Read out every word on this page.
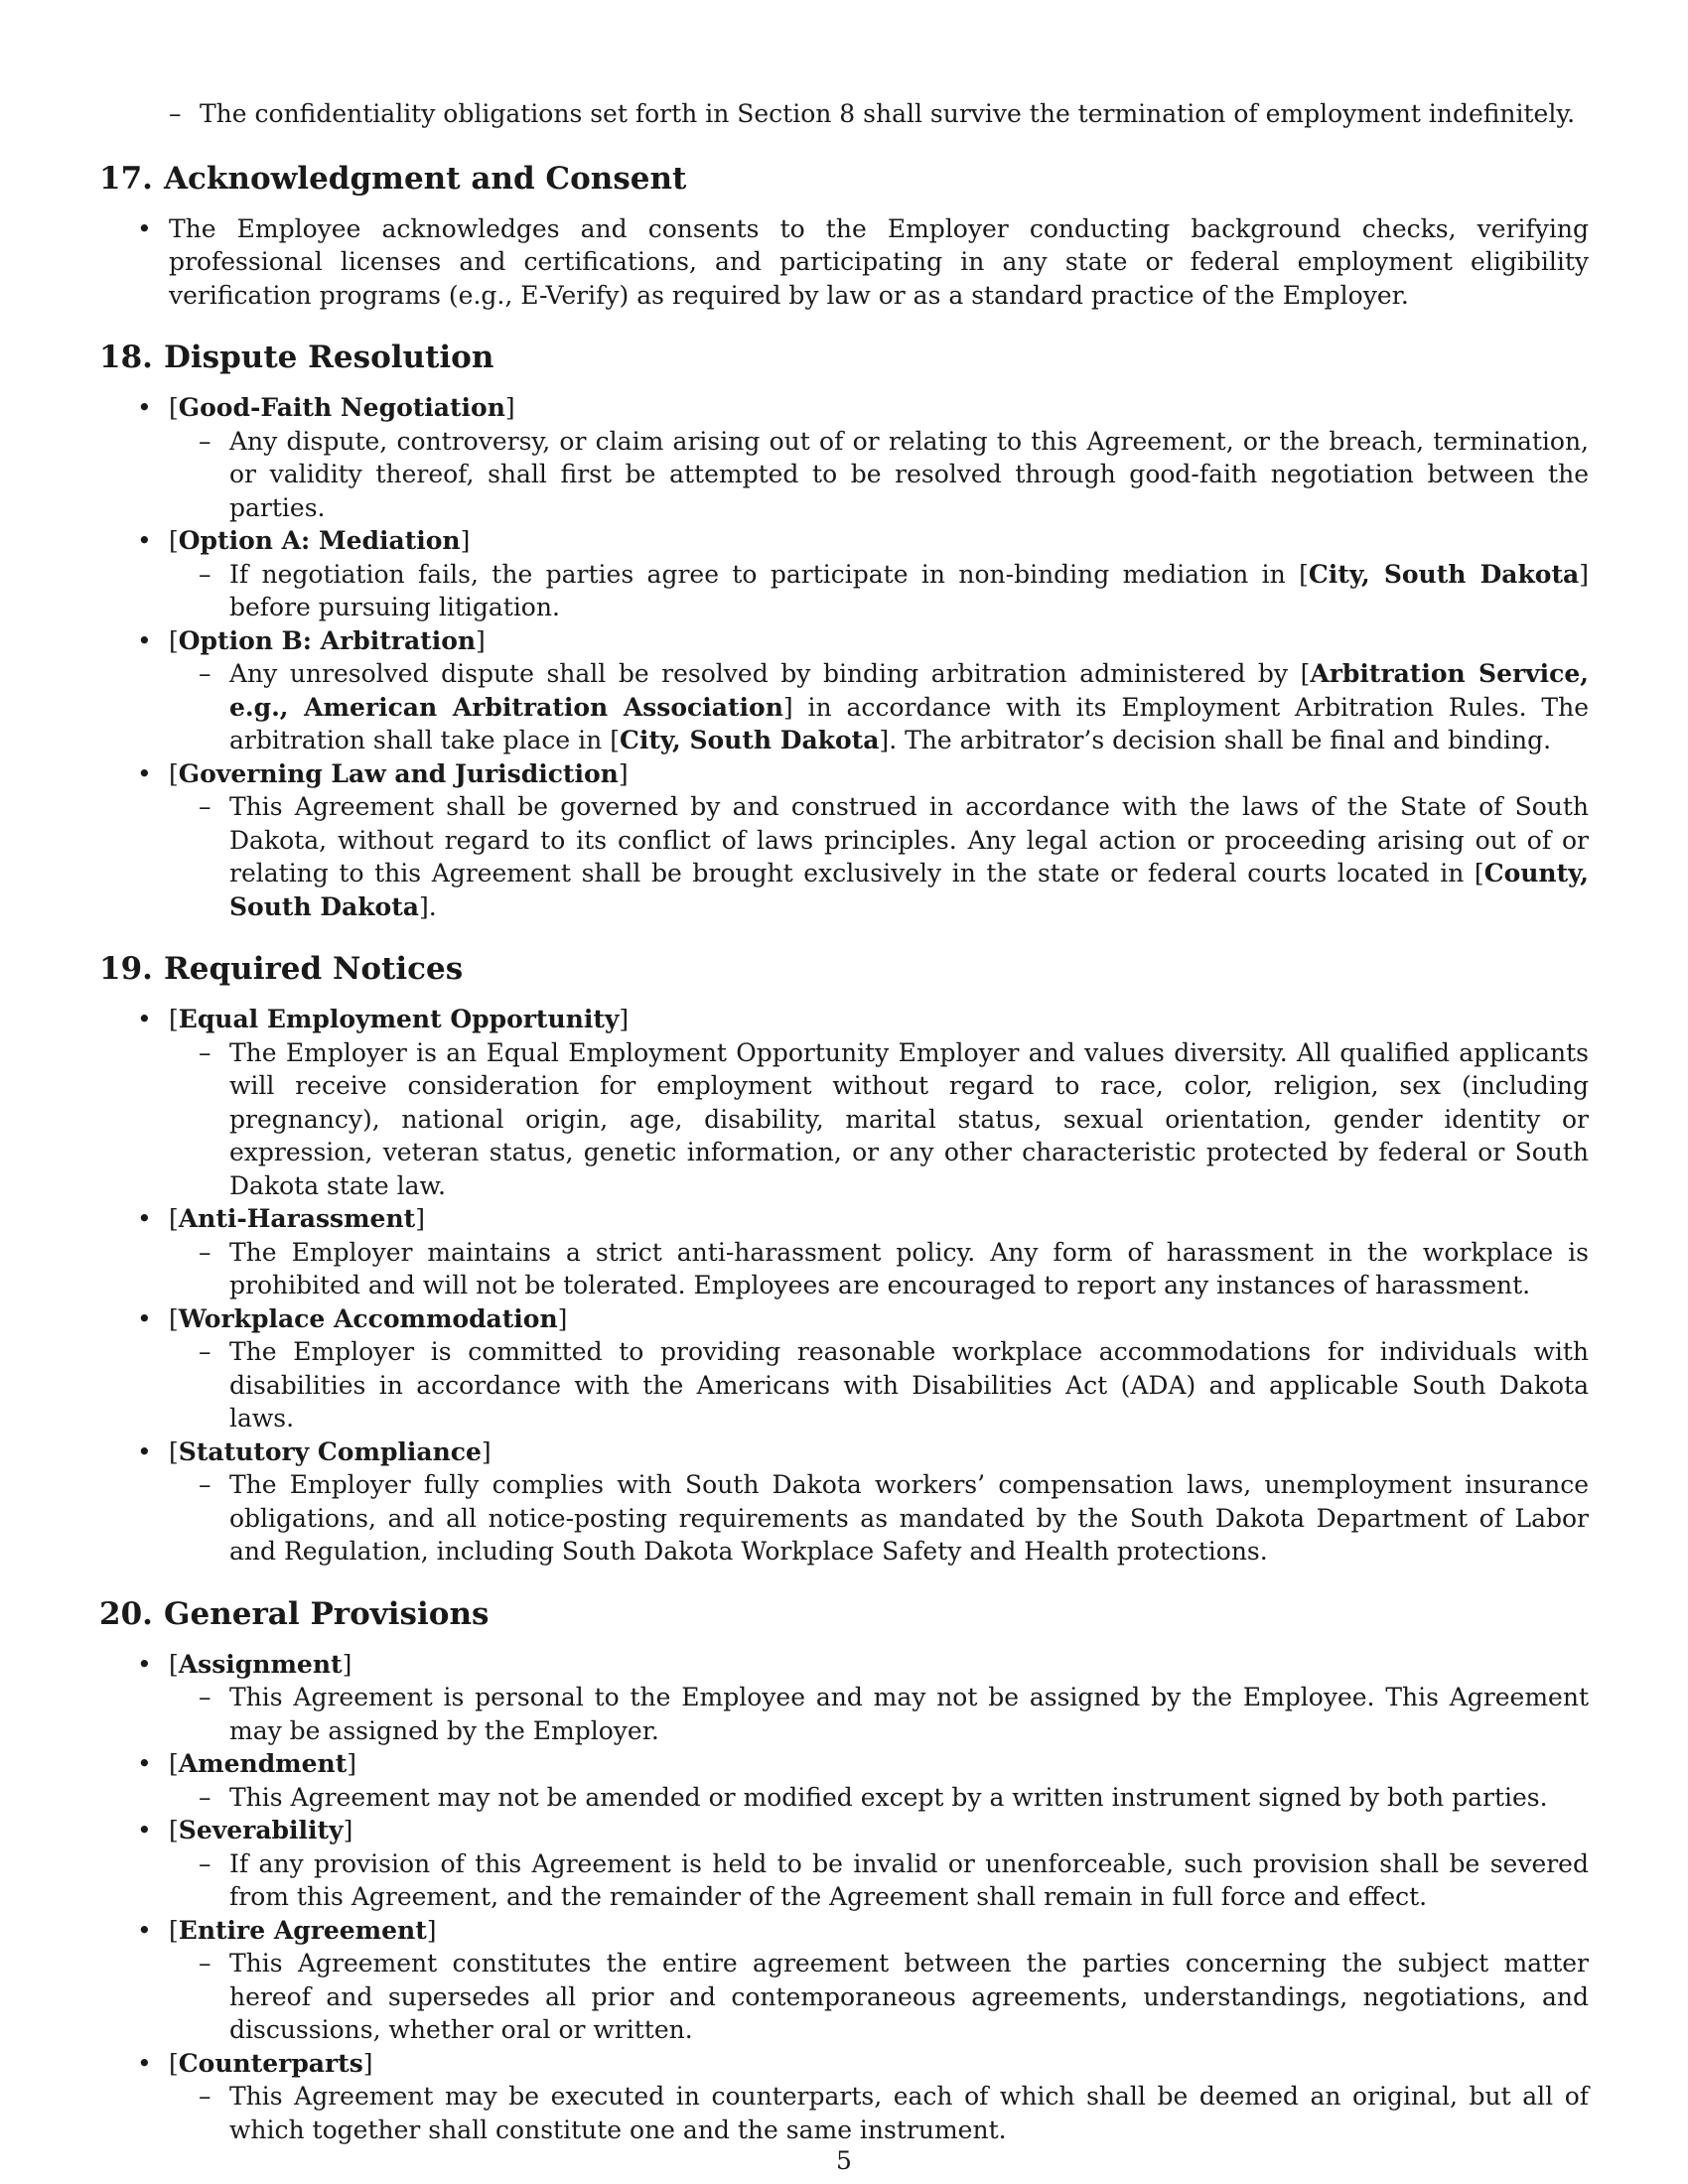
– The confidentiality obligations set forth in Section 8 shall survive the termination of employment indefinitely.
17. Acknowledgment and Consent
• The Employee acknowledges and consents to the Employer conducting background checks, verifying professional licenses and certifications, and participating in any state or federal employment eligibility verification programs (e.g., E-Verify) as required by law or as a standard practice of the Employer.
18. Dispute Resolution
• [Good-Faith Negotiation]
– Any dispute, controversy, or claim arising out of or relating to this Agreement, or the breach, termination, or validity thereof, shall first be attempted to be resolved through good-faith negotiation between the parties.
• [Option A: Mediation]
– If negotiation fails, the parties agree to participate in non-binding mediation in [City, South Dakota] before pursuing litigation.
• [Option B: Arbitration]
– Any unresolved dispute shall be resolved by binding arbitration administered by [Arbitration Service, e.g., American Arbitration Association] in accordance with its Employment Arbitration Rules. The arbitration shall take place in [City, South Dakota]. The arbitrator’s decision shall be final and binding.
• [Governing Law and Jurisdiction]
– This Agreement shall be governed by and construed in accordance with the laws of the State of South Dakota, without regard to its conflict of laws principles. Any legal action or proceeding arising out of or relating to this Agreement shall be brought exclusively in the state or federal courts located in [County, South Dakota].
19. Required Notices
• [Equal Employment Opportunity]
– The Employer is an Equal Employment Opportunity Employer and values diversity. All qualified applicants will receive consideration for employment without regard to race, color, religion, sex (including pregnancy), national origin, age, disability, marital status, sexual orientation, gender identity or expression, veteran status, genetic information, or any other characteristic protected by federal or South Dakota state law.
• [Anti-Harassment]
– The Employer maintains a strict anti-harassment policy. Any form of harassment in the workplace is prohibited and will not be tolerated. Employees are encouraged to report any instances of harassment.
• [Workplace Accommodation]
– The Employer is committed to providing reasonable workplace accommodations for individuals with disabilities in accordance with the Americans with Disabilities Act (ADA) and applicable South Dakota laws.
• [Statutory Compliance]
– The Employer fully complies with South Dakota workers’ compensation laws, unemployment insurance obligations, and all notice-posting requirements as mandated by the South Dakota Department of Labor and Regulation, including South Dakota Workplace Safety and Health protections.
20. General Provisions
• [Assignment]
– This Agreement is personal to the Employee and may not be assigned by the Employee. This Agreement may be assigned by the Employer.
• [Amendment]
– This Agreement may not be amended or modified except by a written instrument signed by both parties.
• [Severability]
– If any provision of this Agreement is held to be invalid or unenforceable, such provision shall be severed from this Agreement, and the remainder of the Agreement shall remain in full force and effect.
• [Entire Agreement]
– This Agreement constitutes the entire agreement between the parties concerning the subject matter hereof and supersedes all prior and contemporaneous agreements, understandings, negotiations, and discussions, whether oral or written.
• [Counterparts]
– This Agreement may be executed in counterparts, each of which shall be deemed an original, but all of which together shall constitute one and the same instrument.
5
